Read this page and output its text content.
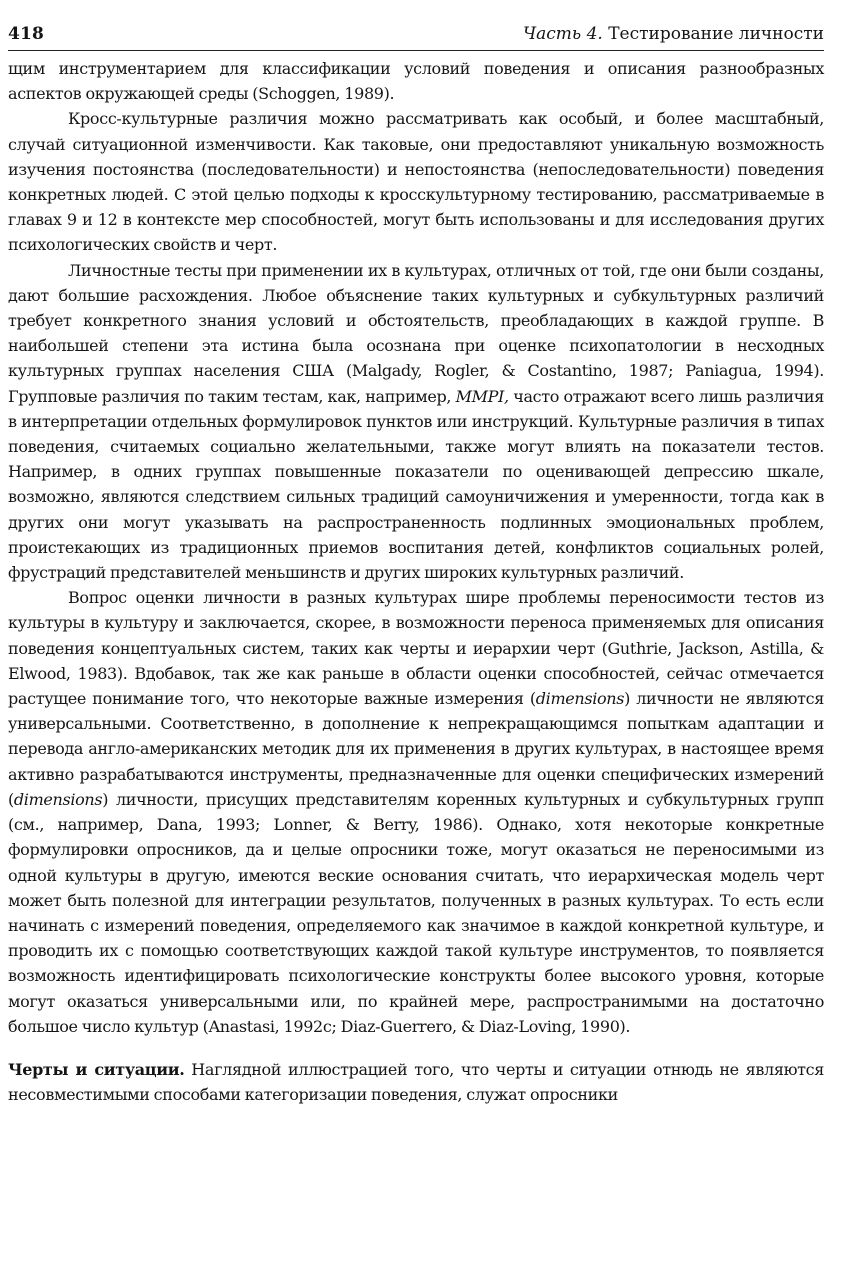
418	Часть 4. Тестирование личности

щим инструментарием для классификации условий поведения и описания разнообразных аспектов окружающей среды (Schoggen, 1989).

Кросс-культурные различия можно рассматривать как особый, и более масштабный, случай ситуационной изменчивости. Как таковые, они предоставляют уникальную возможность изучения постоянства (последовательности) и непостоянства (непоследовательности) поведения конкретных людей. С этой целью подходы к кросскультурному тестированию, рассматриваемые в главах 9 и 12 в контексте мер способностей, могут быть использованы и для исследования других психологических свойств и черт.

Личностные тесты при применении их в культурах, отличных от той, где они были созданы, дают большие расхождения. Любое объяснение таких культурных и субкультурных различий требует конкретного знания условий и обстоятельств, преобладающих в каждой группе. В наибольшей степени эта истина была осознана при оценке психопатологии в несходных культурных группах населения США (Malgady, Rogler, & Costantino, 1987; Paniagua, 1994). Групповые различия по таким тестам, как, например, MMPI, часто отражают всего лишь различия в интерпретации отдельных формулировок пунктов или инструкций. Культурные различия в типах поведения, считаемых социально желательными, также могут влиять на показатели тестов. Например, в одних группах повышенные показатели по оценивающей депрессию шкале, возможно, являются следствием сильных традиций самоуничижения и умеренности, тогда как в других они могут указывать на распространенность подлинных эмоциональных проблем, проистекающих из традиционных приемов воспитания детей, конфликтов социальных ролей, фрустраций представителей меньшинств и других широких культурных различий.

Вопрос оценки личности в разных культурах шире проблемы переносимости тестов из культуры в культуру и заключается, скорее, в возможности переноса применяемых для описания поведения концептуальных систем, таких как черты и иерархии черт (Guthrie, Jackson, Astilla, & Elwood, 1983). Вдобавок, так же как раньше в области оценки способностей, сейчас отмечается растущее понимание того, что некоторые важные измерения (dimensions) личности не являются универсальными. Соответственно, в дополнение к непрекращающимся попыткам адаптации и перевода англо-американских методик для их применения в других культурах, в настоящее время активно разрабатываются инструменты, предназначенные для оценки специфических измерений (dimensions) личности, присущих представителям коренных культурных и субкультурных групп (см., например, Dana, 1993; Lonner, & Berry, 1986). Однако, хотя некоторые конкретные формулировки опросников, да и целые опросники тоже, могут оказаться не переносимыми из одной культуры в другую, имеются веские основания считать, что иерархическая модель черт может быть полезной для интеграции результатов, полученных в разных культурах. То есть если начинать с измерений поведения, определяемого как значимое в каждой конкретной культуре, и проводить их с помощью соответствующих каждой такой культуре инструментов, то появляется возможность идентифицировать психологические конструкты более высокого уровня, которые могут оказаться универсальными или, по крайней мере, распространимыми на достаточно большое число культур (Anastasi, 1992c; Diaz-Guerrero, & Diaz-Loving, 1990).

Черты и ситуации. Наглядной иллюстрацией того, что черты и ситуации отнюдь не являются несовместимыми способами категоризации поведения, служат опросники
